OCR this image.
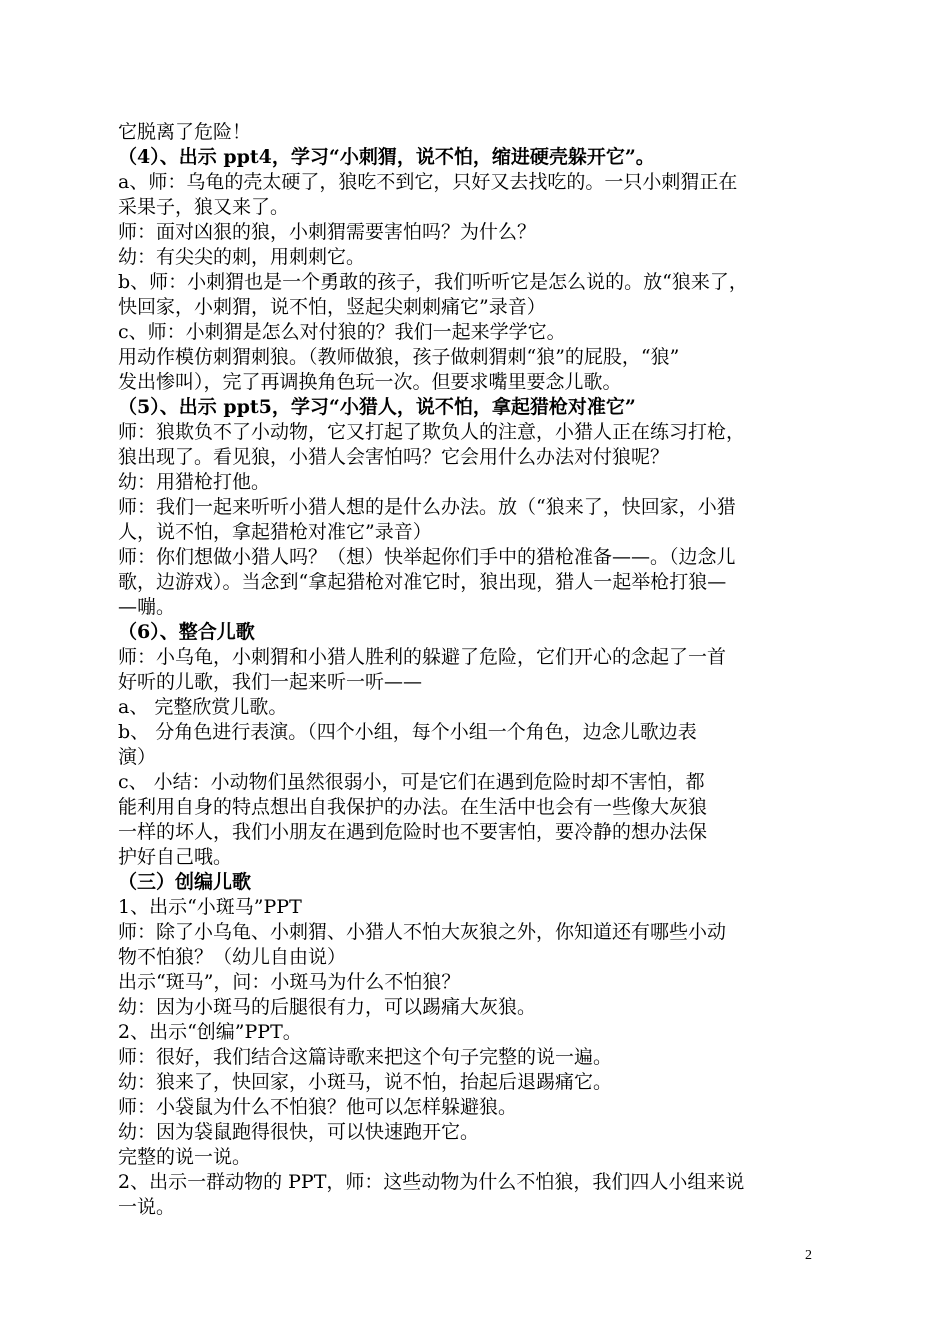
它脱离了危险！
（4）、出示 ppt4，学习“小刺猬，说不怕，缩进硬壳躲开它”。
a、师：乌龟的壳太硬了，狼吃不到它，只好又去找吃的。一只小刺猬正在
采果子，狼又来了。
师：面对凶狠的狼，小刺猬需要害怕吗？为什么？
幼：有尖尖的刺，用刺刺它。
b、师：小刺猬也是一个勇敢的孩子，我们听听它是怎么说的。放“狼来了，
快回家，小刺猬，说不怕，竖起尖刺刺痛它”录音）
c、师：小刺猬是怎么对付狼的？我们一起来学学它。
用动作模仿刺猬刺狼。（教师做狼，孩子做刺猬刺“狼”的屁股，“狼”
发出惨叫），完了再调换角色玩一次。但要求嘴里要念儿歌。
（5）、出示 ppt5，学习“小猎人，说不怕，拿起猎枪对准它”
师：狼欺负不了小动物，它又打起了欺负人的注意，小猎人正在练习打枪，
狼出现了。看见狼，小猎人会害怕吗？它会用什么办法对付狼呢？
幼：用猎枪打他。
师：我们一起来听听小猎人想的是什么办法。放（“狼来了，快回家，小猎
人，说不怕，拿起猎枪对准它”录音）
师：你们想做小猎人吗？（想）快举起你们手中的猎枪准备——。（边念儿
歌，边游戏）。当念到“拿起猎枪对准它时，狼出现，猎人一起举枪打狼—
—嘣。
（6）、整合儿歌
师：小乌龟，小刺猬和小猎人胜利的躲避了危险，它们开心的念起了一首
好听的儿歌，我们一起来听一听——
a、 完整欣赏儿歌。
b、 分角色进行表演。（四个小组，每个小组一个角色，边念儿歌边表
演）
c、 小结：小动物们虽然很弱小，可是它们在遇到危险时却不害怕，都
能利用自身的特点想出自我保护的办法。在生活中也会有一些像大灰狼
一样的坏人，我们小朋友在遇到危险时也不要害怕，要冷静的想办法保
护好自己哦。
（三）创编儿歌
1、出示“小斑马”PPT
师：除了小乌龟、小刺猬、小猎人不怕大灰狼之外，你知道还有哪些小动
物不怕狼？（幼儿自由说）
出示“斑马”，问：小斑马为什么不怕狼？
幼：因为小斑马的后腿很有力，可以踢痛大灰狼。
2、出示“创编”PPT。
师：很好，我们结合这篇诗歌来把这个句子完整的说一遍。
幼：狼来了，快回家，小斑马，说不怕，抬起后退踢痛它。
师：小袋鼠为什么不怕狼？他可以怎样躲避狼。
幼：因为袋鼠跑得很快，可以快速跑开它。
完整的说一说。
2、出示一群动物的 PPT，师：这些动物为什么不怕狼，我们四人小组来说
一说。
2
